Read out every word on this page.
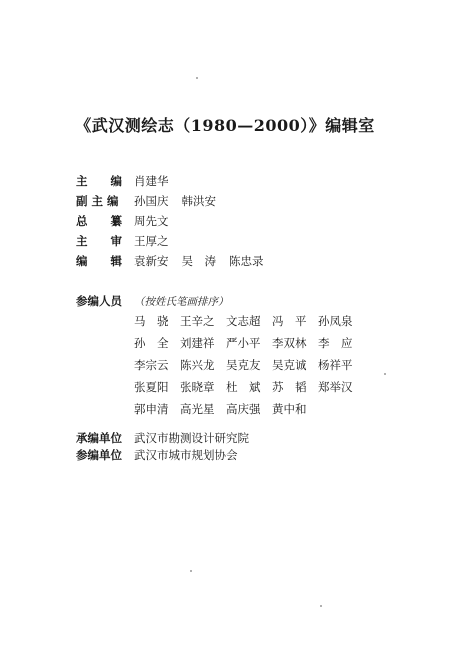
《武汉测绘志（1980—2000）》编辑室
主　　编 肖建华
副 主 编 孙国庆 韩洪安
总　　纂 周先文
主　　审 王厚之
编　　辑 袁新安 吴　涛 陈忠录
参编人员 （按姓氏笔画排序）
马　骁 王辛之 文志超 冯　平 孙凤泉
孙　全 刘建祥 严小平 李双林 李　应
李宗云 陈兴龙 吴克友 吴克诚 杨祥平
张夏阳 张晓章 杜　斌 苏　韬 郑举汉
郭申清 高光星 高庆强 黄中和
承编单位 武汉市勘测设计研究院
参编单位 武汉市城市规划协会
